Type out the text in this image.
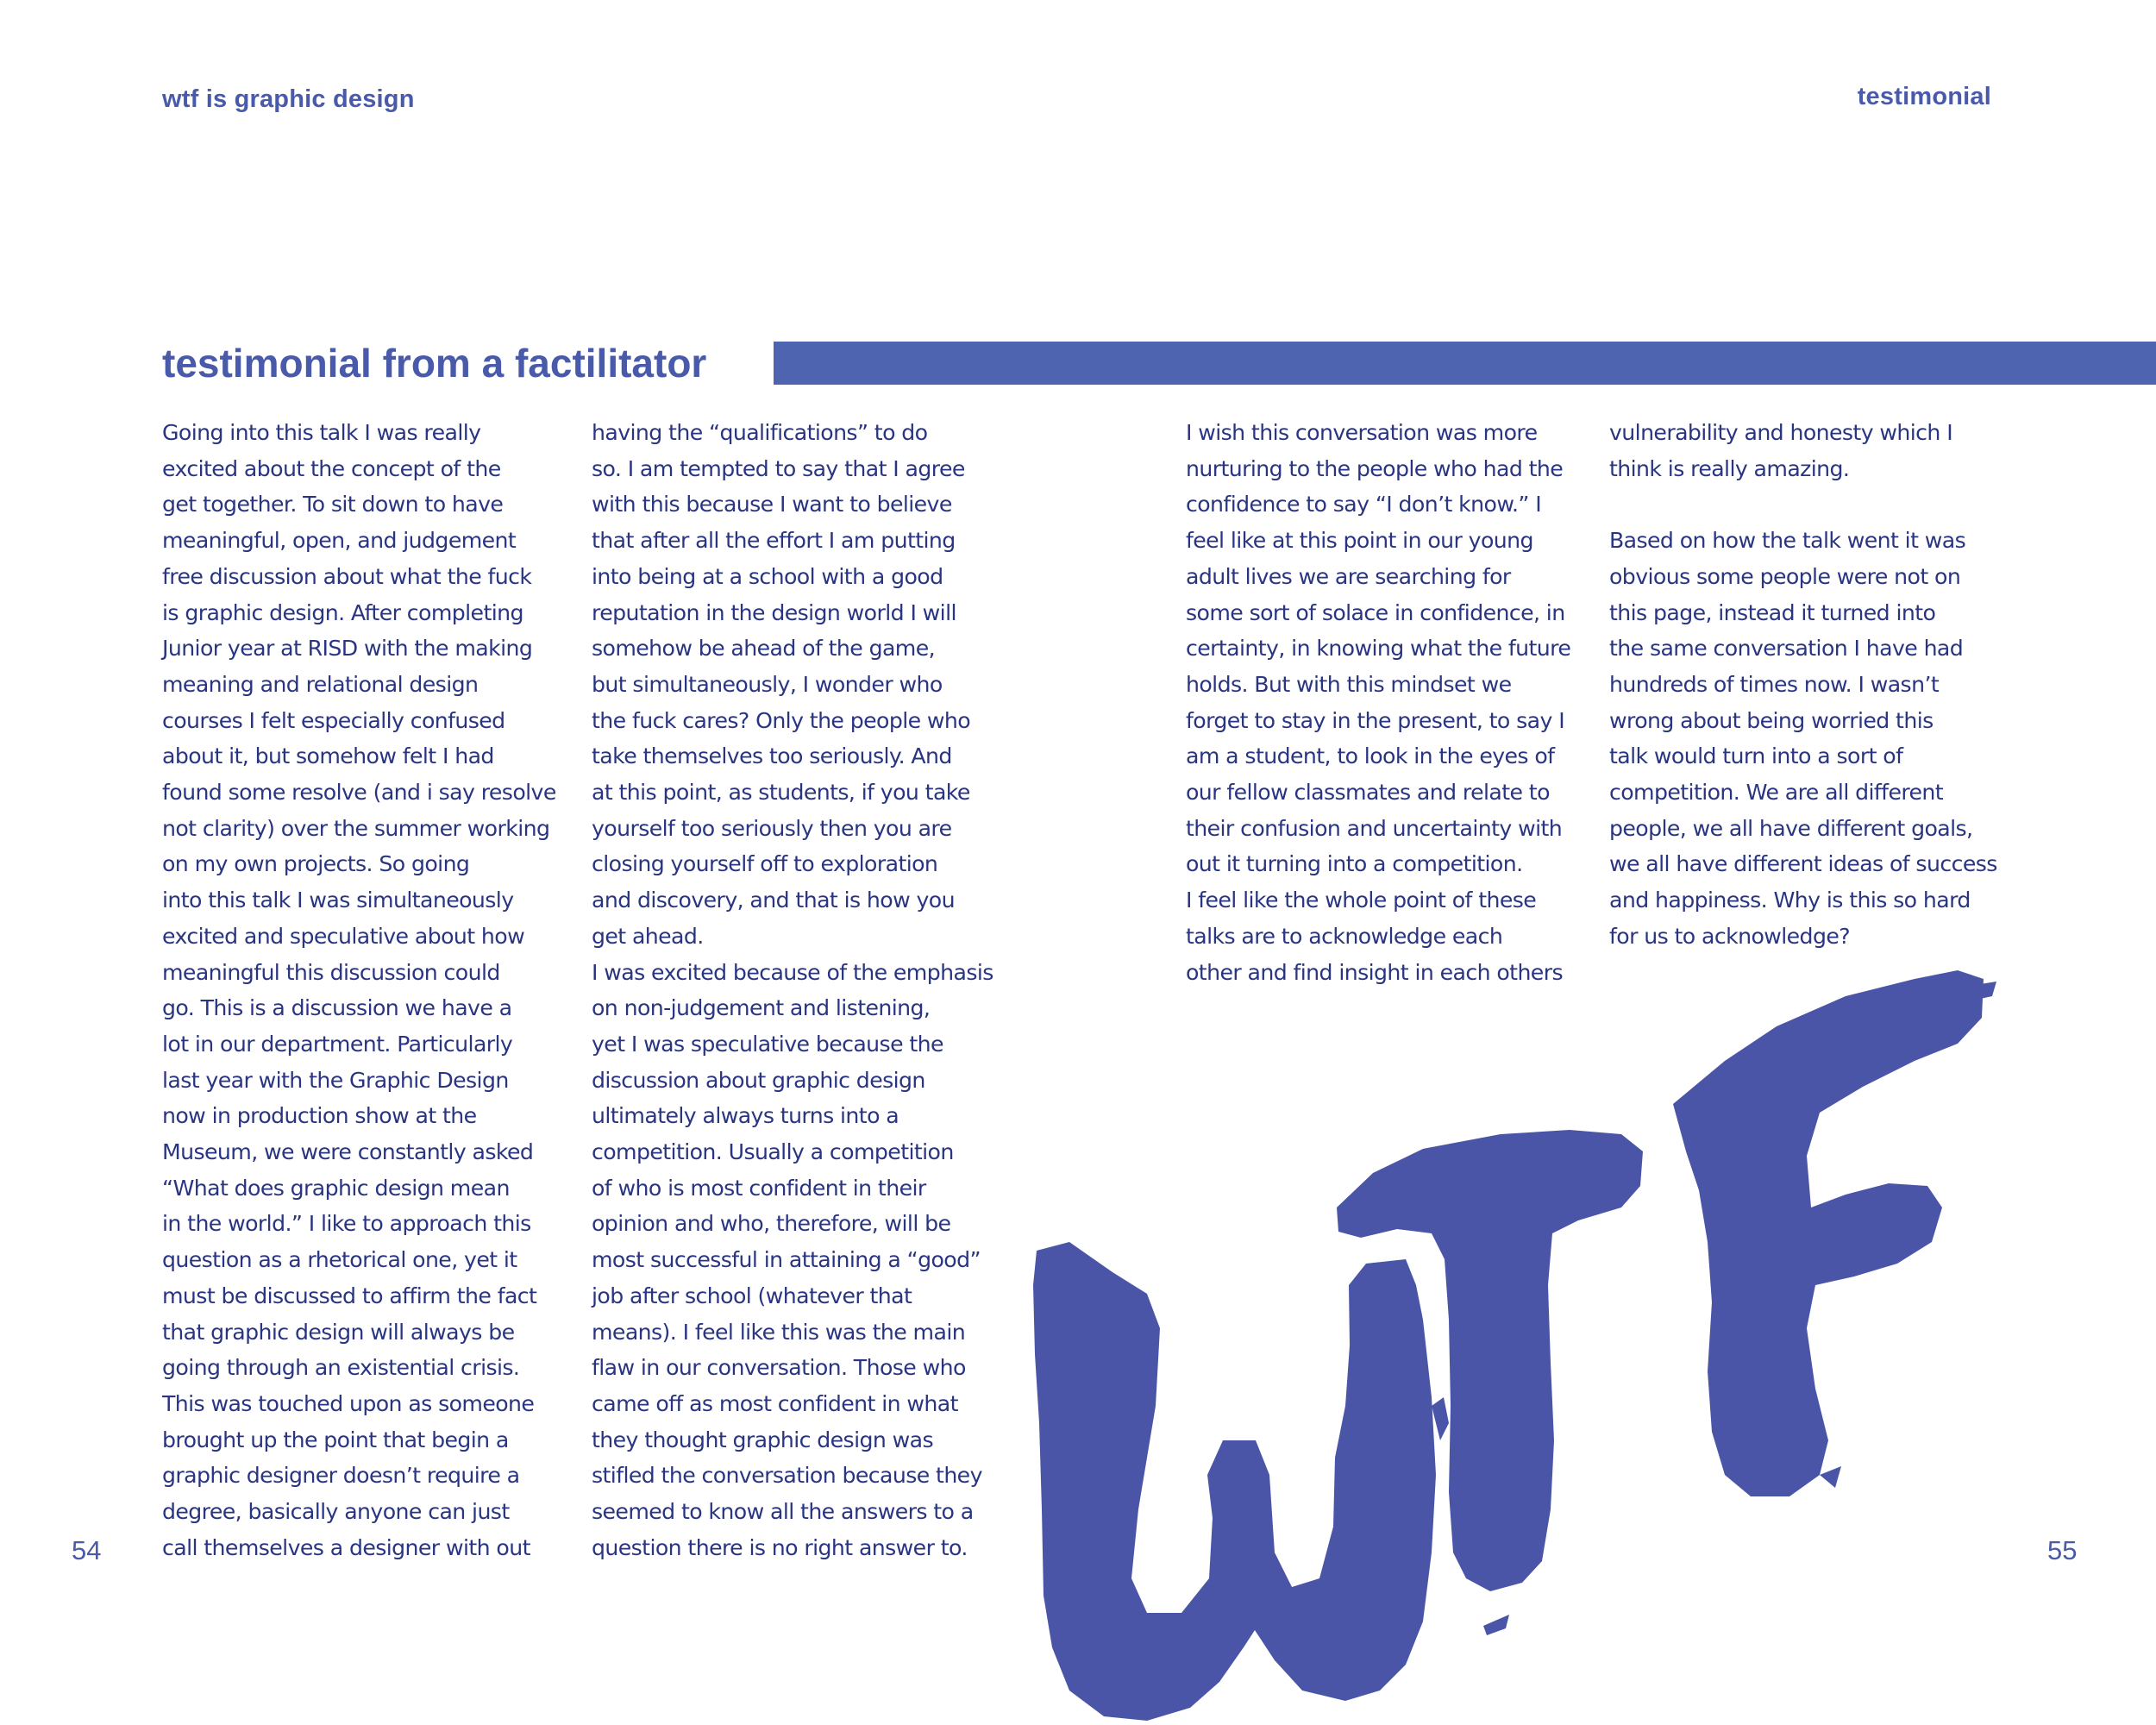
wtf is graphic design	testimonial
testimonial from a factilitator
Going into this talk I was really
excited about the concept of the
get together. To sit down to have
meaningful, open, and judgement
free discussion about what the fuck
is graphic design. After completing
Junior year at RISD with the making
meaning and relational design
courses I felt especially confused
about it, but somehow felt I had
found some resolve (and i say resolve
not clarity) over the summer working
on my own projects. So going
into this talk I was simultaneously
excited and speculative about how
meaningful this discussion could
go. This is a discussion we have a
lot in our department. Particularly
last year with the Graphic Design
now in production show at the
Museum, we were constantly asked
“What does graphic design mean
in the world.” I like to approach this
question as a rhetorical one, yet it
must be discussed to affirm the fact
that graphic design will always be
going through an existential crisis.
This was touched upon as someone
brought up the point that begin a
graphic designer doesn’t require a
degree, basically anyone can just
call themselves a designer with out
having the “qualifications” to do
so. I am tempted to say that I agree
with this because I want to believe
that after all the effort I am putting
into being at a school with a good
reputation in the design world I will
somehow be ahead of the game,
but simultaneously, I wonder who
the fuck cares? Only the people who
take themselves too seriously. And
at this point, as students, if you take
yourself too seriously then you are
closing yourself off to exploration
and discovery, and that is how you
get ahead.
I was excited because of the emphasis
on non-judgement and listening,
yet I was speculative because the
discussion about graphic design
ultimately always turns into a
competition. Usually a competition
of who is most confident in their
opinion and who, therefore, will be
most successful in attaining a “good”
job after school (whatever that
means). I feel like this was the main
flaw in our conversation. Those who
came off as most confident in what
they thought graphic design was
stifled the conversation because they
seemed to know all the answers to a
question there is no right answer to.
I wish this conversation was more
nurturing to the people who had the
confidence to say “I don’t know.” I
feel like at this point in our young
adult lives we are searching for
some sort of solace in confidence, in
certainty, in knowing what the future
holds. But with this mindset we
forget to stay in the present, to say I
am a student, to look in the eyes of
our fellow classmates and relate to
their confusion and uncertainty with
out it turning into a competition.
I feel like the whole point of these
talks are to acknowledge each
other and find insight in each others
vulnerability and honesty which I
think is really amazing.

Based on how the talk went it was
obvious some people were not on
this page, instead it turned into
the same conversation I have had
hundreds of times now. I wasn’t
wrong about being worried this
talk would turn into a sort of
competition. We are all different
people, we all have different goals,
we all have different ideas of success
and happiness. Why is this so hard
for us to acknowledge?
54	55
